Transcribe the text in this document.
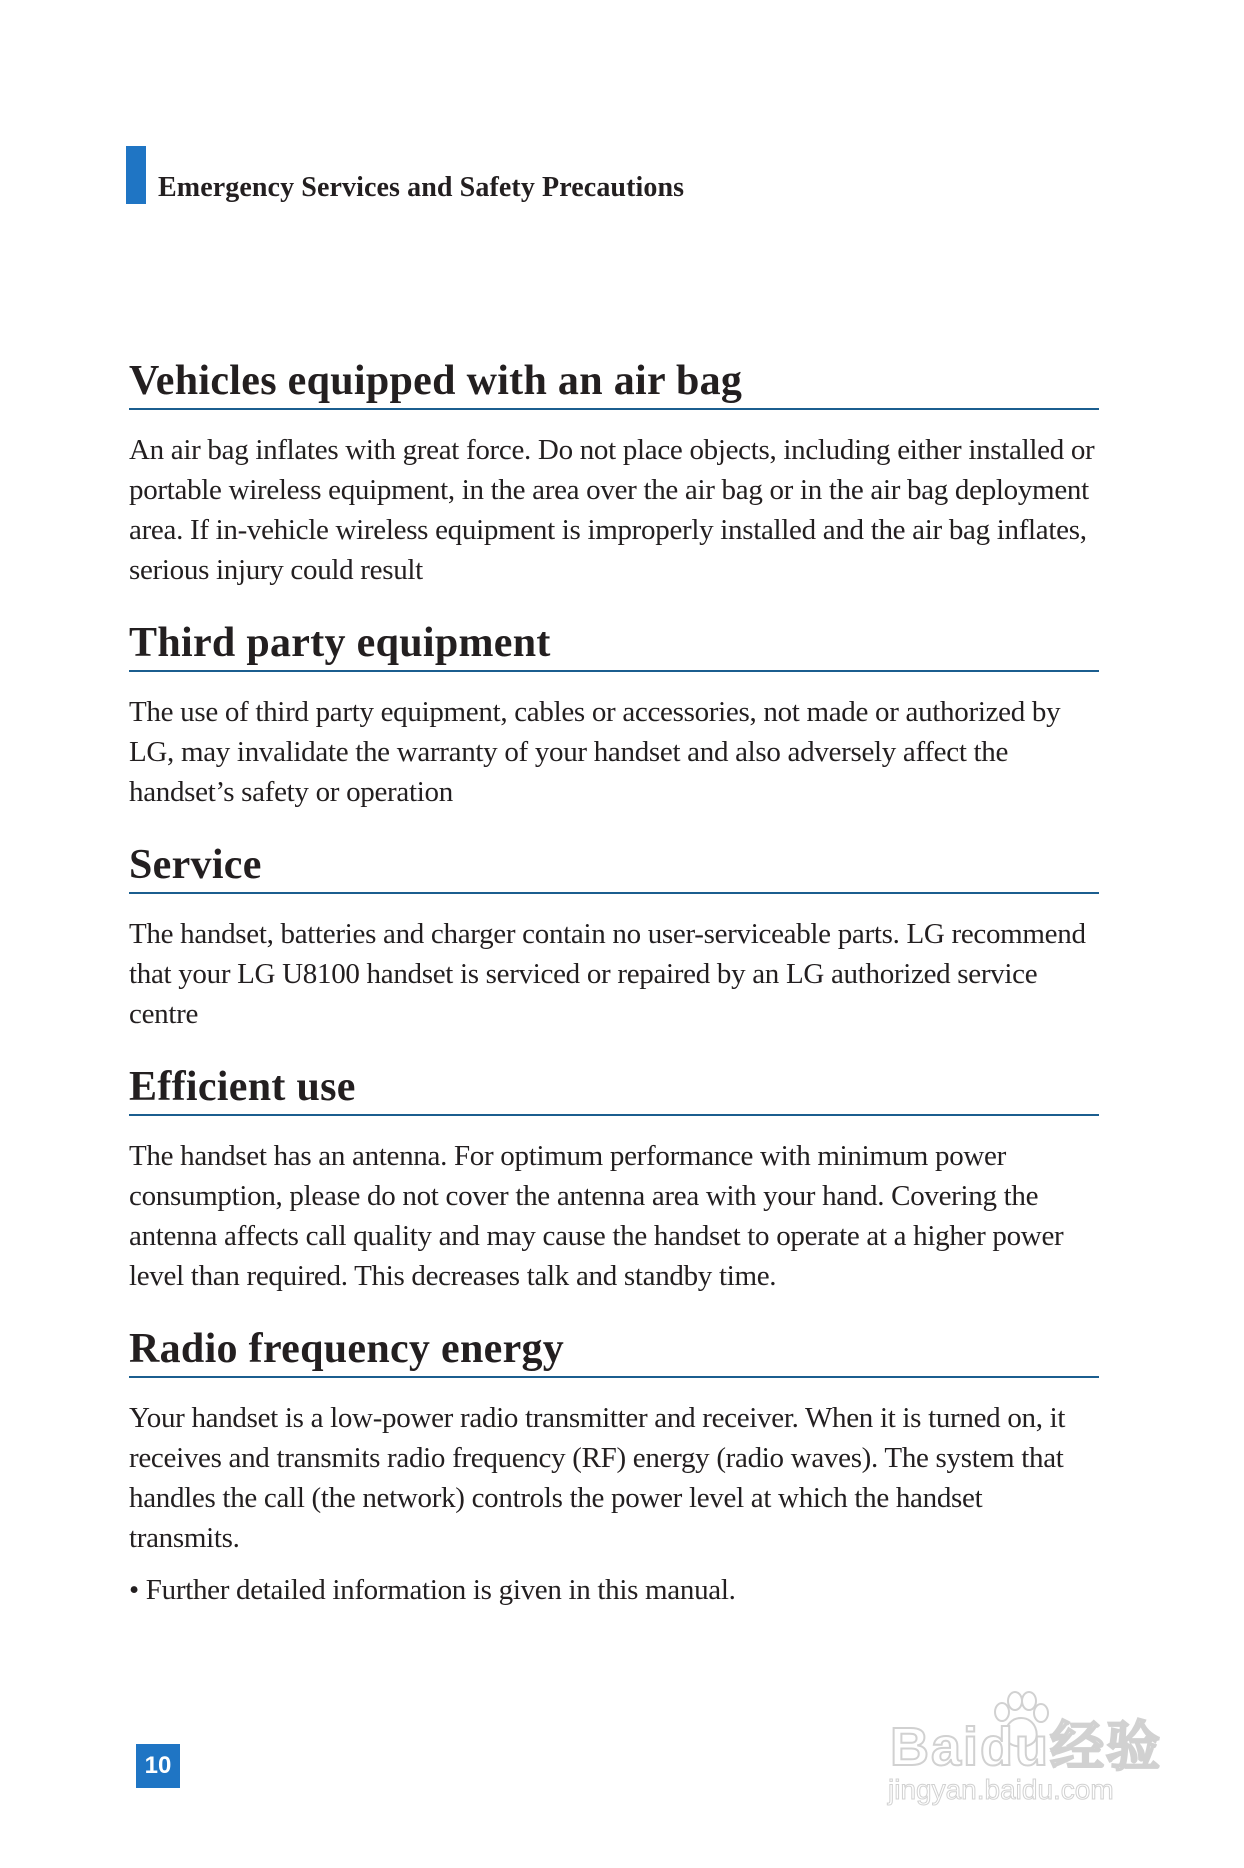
Emergency Services and Safety Precautions
Vehicles equipped with an air bag

An air bag inflates with great force. Do not place objects, including either installed or portable wireless equipment, in the area over the air bag or in the air bag deployment area. If in-vehicle wireless equipment is improperly installed and the air bag inflates, serious injury could result

Third party equipment

The use of third party equipment, cables or accessories, not made or authorized by LG, may invalidate the warranty of your handset and also adversely affect the handset’s safety or operation

Service

The handset, batteries and charger contain no user-serviceable parts. LG recommend that your LG U8100 handset is serviced or repaired by an LG authorized service centre

Efficient use

The handset has an antenna. For optimum performance with minimum power consumption, please do not cover the antenna area with your hand. Covering the antenna affects call quality and may cause the handset to operate at a higher power level than required. This decreases talk and standby time.

Radio frequency energy

Your handset is a low-power radio transmitter and receiver. When it is turned on, it receives and transmits radio frequency (RF) energy (radio waves). The system that handles the call (the network) controls the power level at which the handset transmits.

• Further detailed information is given in this manual.

10	Baidu经验
jingyan.baidu.com
